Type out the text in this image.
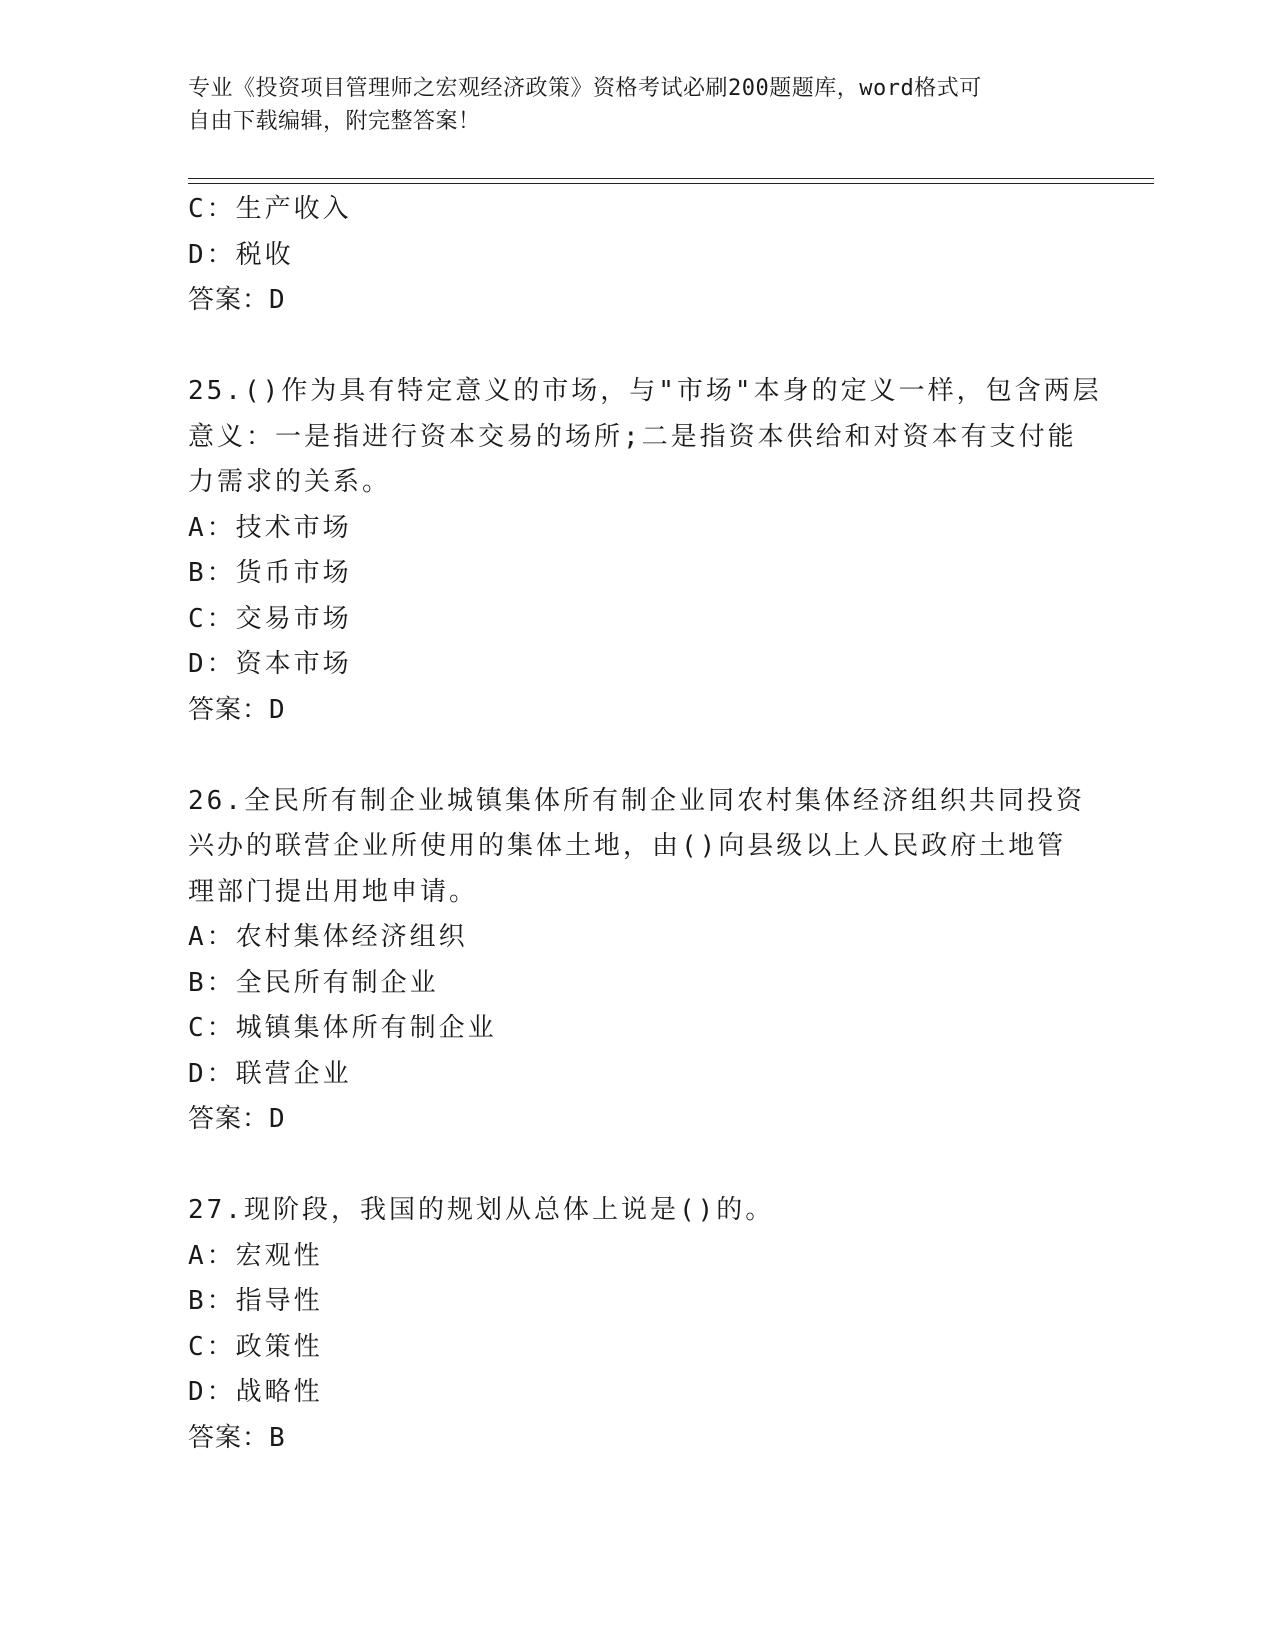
专业《投资项目管理师之宏观经济政策》资格考试必刷200题题库，word格式可
自由下载编辑，附完整答案！
C：生产收入
D：税收
答案：D
25.()作为具有特定意义的市场，与"市场"本身的定义一样，包含两层
意义：一是指进行资本交易的场所;二是指资本供给和对资本有支付能
力需求的关系。
A：技术市场
B：货币市场
C：交易市场
D：资本市场
答案：D
26.全民所有制企业城镇集体所有制企业同农村集体经济组织共同投资
兴办的联营企业所使用的集体土地，由()向县级以上人民政府土地管
理部门提出用地申请。
A：农村集体经济组织
B：全民所有制企业
C：城镇集体所有制企业
D：联营企业
答案：D
27.现阶段，我国的规划从总体上说是()的。
A：宏观性
B：指导性
C：政策性
D：战略性
答案：B
